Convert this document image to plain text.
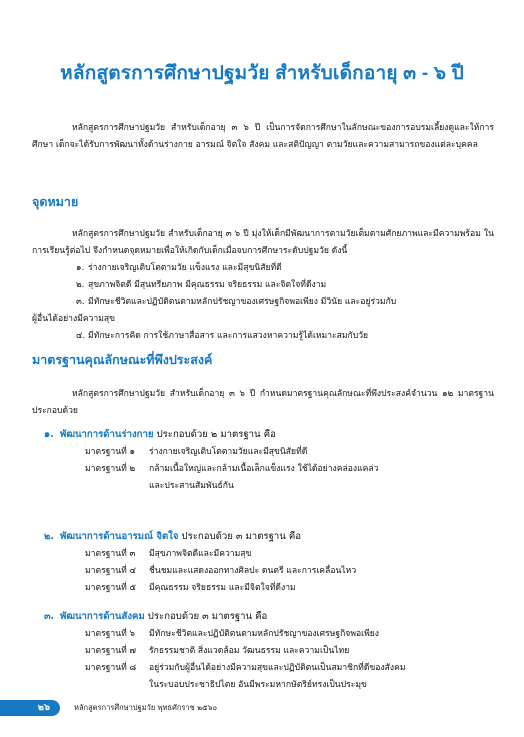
หลักสูตรการศึกษาปฐมวัย สำหรับเด็กอายุ ๓ - ๖ ปี
หลักสูตรการศึกษาปฐมวัย สำหรับเด็กอายุ ๓ ๖ ปี เป็นการจัดการศึกษาในลักษณะของการอบรมเลี้ยงดูและให้การศึกษา เด็กจะได้รับการพัฒนาทั้งด้านร่างกาย อารมณ์ จิตใจ สังคม และสติปัญญา ตามวัยและความสามารถของแต่ละบุคคล
จุดหมาย
หลักสูตรการศึกษาปฐมวัย สำหรับเด็กอายุ ๓ ๖ ปี มุ่งให้เด็กมีพัฒนาการตามวัยเต็มตามศักยภาพและมีความพร้อม ในการเรียนรู้ต่อไป จึงกำหนดจุดหมายเพื่อให้เกิดกับเด็กเมื่อจบการศึกษาระดับปฐมวัย ดังนี้
๑. ร่างกายเจริญเติบโตตามวัย แข็งแรง และมีสุขนิสัยที่ดี
๒. สุขภาพจิตดี มีสุนทรียภาพ มีคุณธรรม จริยธรรม และจิตใจที่ดีงาม
๓. มีทักษะชีวิตและปฏิบัติตนตามหลักปรัชญาของเศรษฐกิจพอเพียง มีวินัย และอยู่ร่วมกับ
ผู้อื่นได้อย่างมีความสุข
๔. มีทักษะการคิด การใช้ภาษาสื่อสาร และการแสวงหาความรู้ได้เหมาะสมกับวัย
มาตรฐานคุณลักษณะที่พึงประสงค์
หลักสูตรการศึกษาปฐมวัย สำหรับเด็กอายุ ๓ ๖ ปี กำหนดมาตรฐานคุณลักษณะที่พึงประสงค์จำนวน ๑๒ มาตรฐานประกอบด้วย
๑. พัฒนาการด้านร่างกาย ประกอบด้วย ๒ มาตรฐาน คือ
มาตรฐานที่ ๑	ร่างกายเจริญเติบโตตามวัยและมีสุขนิสัยที่ดี
มาตรฐานที่ ๒	กล้ามเนื้อใหญ่และกล้ามเนื้อเล็กแข็งแรง ใช้ได้อย่างคล่องแคล่ว
และประสานสัมพันธ์กัน
๒. พัฒนาการด้านอารมณ์ จิตใจ ประกอบด้วย ๓ มาตรฐาน คือ
มาตรฐานที่ ๓	มีสุขภาพจิตดีและมีความสุข
มาตรฐานที่ ๔	ชื่นชมและแสดงออกทางศิลปะ ดนตรี และการเคลื่อนไหว
มาตรฐานที่ ๕	มีคุณธรรม จริยธรรม และมีจิตใจที่ดีงาม
๓. พัฒนาการด้านสังคม ประกอบด้วย ๓ มาตรฐาน คือ
มาตรฐานที่ ๖	มีทักษะชีวิตและปฏิบัติตนตามหลักปรัชญาของเศรษฐกิจพอเพียง
มาตรฐานที่ ๗	รักธรรมชาติ สิ่งแวดล้อม วัฒนธรรม และความเป็นไทย
มาตรฐานที่ ๘	อยู่ร่วมกับผู้อื่นได้อย่างมีความสุขและปฏิบัติตนเป็นสมาชิกที่ดีของสังคม
ในระบอบประชาธิปไตย อันมีพระมหากษัตริย์ทรงเป็นประมุข
๒๖	หลักสูตรการศึกษาปฐมวัย พุทธศักราช ๒๕๖๐
